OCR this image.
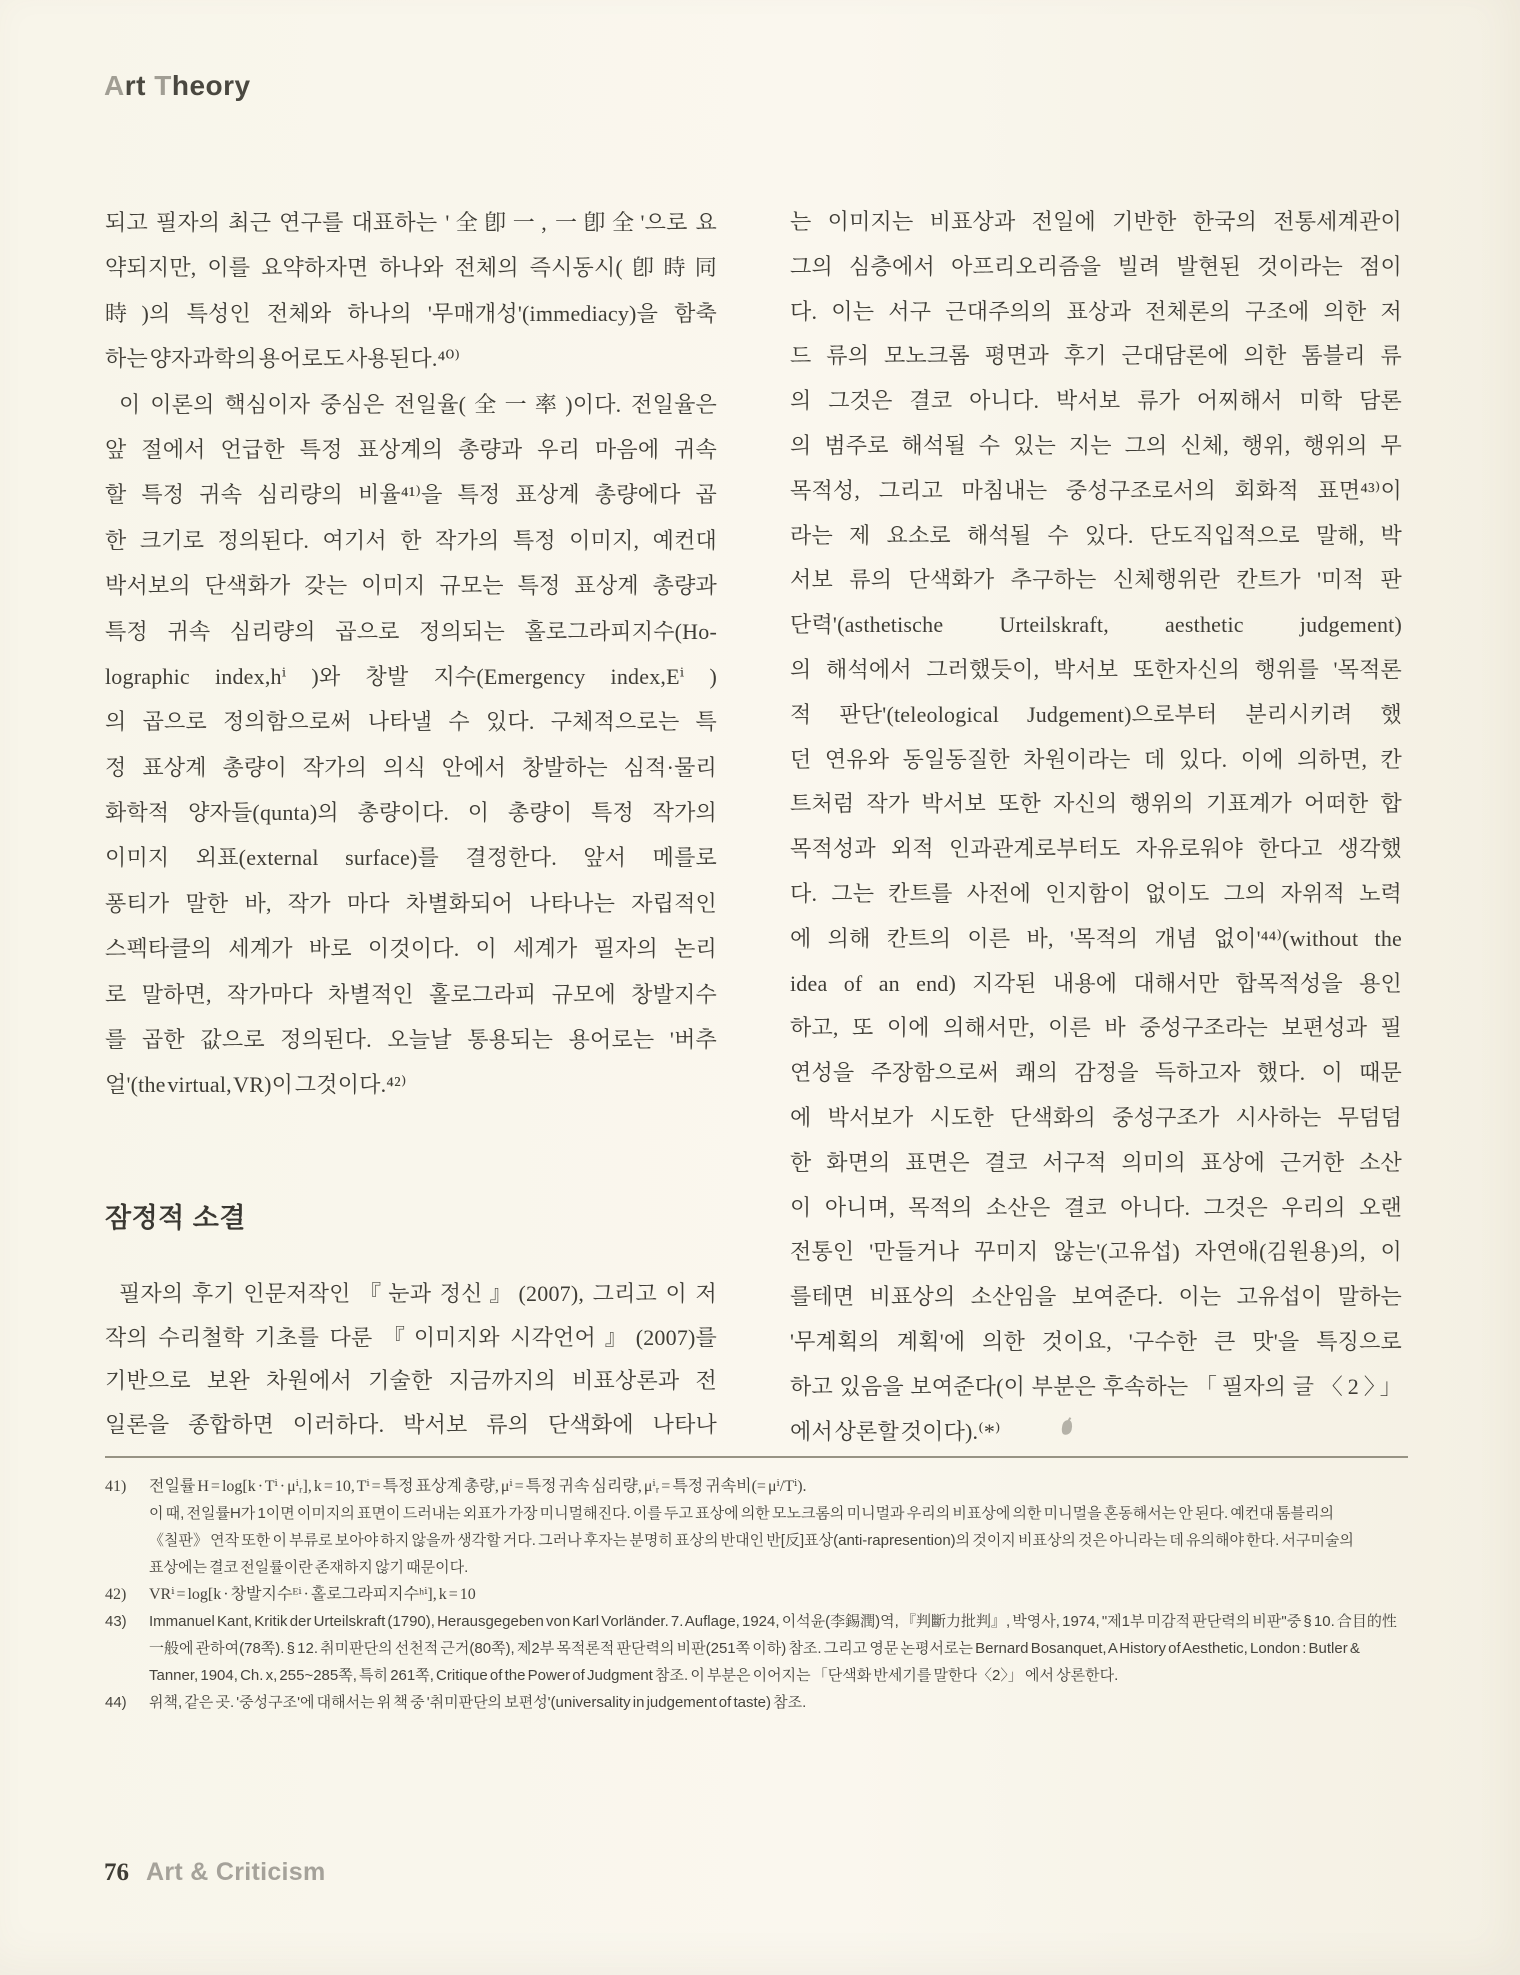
Art Theory
되고 필자의 최근 연구를 대표하는 '全卽一, 一卽全'으로 요
약되지만, 이를 요약하자면 하나와 전체의 즉시동시(卽時同
時)의 특성인 전체와 하나의 '무매개성'(immediacy)을 함축
하는 양자과학의 용어로도 사용된다.⁴⁰⁾
이 이론의 핵심이자 중심은 전일율(全一率)이다. 전일율은
앞 절에서 언급한 특정 표상계의 총량과 우리 마음에 귀속
할 특정 귀속 심리량의 비율⁴¹⁾을 특정 표상계 총량에다 곱
한 크기로 정의된다. 여기서 한 작가의 특정 이미지, 예컨대
박서보의 단색화가 갖는 이미지 규모는 특정 표상계 총량과
특정 귀속 심리량의 곱으로 정의되는 홀로그라피지수(Ho-
lographic index,hⁱ )와 창발 지수(Emergency index,Eⁱ )
의 곱으로 정의함으로써 나타낼 수 있다. 구체적으로는 특
정 표상계 총량이 작가의 의식 안에서 창발하는 심적·물리
화학적 양자들(qunta)의 총량이다. 이 총량이 특정 작가의
이미지 외표(external surface)를 결정한다. 앞서 메를로
퐁티가 말한 바, 작가 마다 차별화되어 나타나는 자립적인
스펙타클의 세계가 바로 이것이다. 이 세계가 필자의 논리
로 말하면, 작가마다 차별적인 홀로그라피 규모에 창발지수
를 곱한 값으로 정의된다. 오늘날 통용되는 용어로는 '버추
얼'(the virtual, VR)이 그것이다.⁴²⁾
잠정적 소결
필자의 후기 인문저작인 『눈과 정신』(2007), 그리고 이 저
작의 수리철학 기초를 다룬 『이미지와 시각언어』(2007)를
기반으로 보완 차원에서 기술한 지금까지의 비표상론과 전
일론을 종합하면 이러하다. 박서보 류의 단색화에 나타나
는 이미지는 비표상과 전일에 기반한 한국의 전통세계관이
그의 심층에서 아프리오리즘을 빌려 발현된 것이라는 점이
다. 이는 서구 근대주의의 표상과 전체론의 구조에 의한 저
드 류의 모노크롬 평면과 후기 근대담론에 의한 톰블리 류
의 그것은 결코 아니다. 박서보 류가 어찌해서 미학 담론
의 범주로 해석될 수 있는 지는 그의 신체, 행위, 행위의 무
목적성, 그리고 마침내는 중성구조로서의 회화적 표면⁴³⁾이
라는 제 요소로 해석될 수 있다. 단도직입적으로 말해, 박
서보 류의 단색화가 추구하는 신체행위란 칸트가 '미적 판
단력'(asthetische Urteilskraft, aesthetic judgement)
의 해석에서 그러했듯이, 박서보 또한자신의 행위를 '목적론
적 판단'(teleological Judgement)으로부터 분리시키려 했
던 연유와 동일동질한 차원이라는 데 있다. 이에 의하면, 칸
트처럼 작가 박서보 또한 자신의 행위의 기표계가 어떠한 합
목적성과 외적 인과관계로부터도 자유로워야 한다고 생각했
다. 그는 칸트를 사전에 인지함이 없이도 그의 자위적 노력
에 의해 칸트의 이른 바, '목적의 개념 없이'⁴⁴⁾(without the
idea of an end) 지각된 내용에 대해서만 합목적성을 용인
하고, 또 이에 의해서만, 이른 바 중성구조라는 보편성과 필
연성을 주장함으로써 쾌의 감정을 득하고자 했다. 이 때문
에 박서보가 시도한 단색화의 중성구조가 시사하는 무덤덤
한 화면의 표면은 결코 서구적 의미의 표상에 근거한 소산
이 아니며, 목적의 소산은 결코 아니다. 그것은 우리의 오랜
전통인 '만들거나 꾸미지 않는'(고유섭) 자연애(김원용)의, 이
를테면 비표상의 소산임을 보여준다. 이는 고유섭이 말하는
'무계획의 계획'에 의한 것이요, '구수한 큰 맛'을 특징으로
하고 있음을 보여준다(이 부분은 후속하는 「필자의 글 〈2〉」
에서 상론할 것이다).⁽*⁾
41)	전일률 H = log[k · Tⁱ · μⁱᵣ], k = 10, Tⁱ = 특정 표상계 총량, μⁱ = 특정 귀속 심리량, μⁱᵣ = 특정 귀속비(= μⁱ/Tⁱ).
이 때, 전일률H가 1이면 이미지의 표면이 드러내는 외표가 가장 미니멀해진다. 이를 두고 표상에 의한 모노크롬의 미니멀과 우리의 비표상에 의한 미니멀을 혼동해서는 안 된다. 예컨대 톰블리의
《칠판》 연작 또한 이 부류로 보아야 하지 않을까 생각할 거다. 그러나 후자는 분명히 표상의 반대인 반[反]표상(anti-rapresention)의 것이지 비표상의 것은 아니라는 데 유의해야 한다. 서구미술의
표상에는 결코 전일률이란 존재하지 않기 때문이다.
42)	VRⁱ = log[k · 창발지수ᴱⁱ · 홀로그라피지수ʰⁱ], k = 10
43)	Immanuel Kant, Kritik der Urteilskraft (1790), Herausgegeben von Karl Vorländer. 7. Auflage, 1924, 이석윤(李錫潤)역, 『判斷力批判』, 박영사, 1974, "제1부 미감적 판단력의 비판"중 § 10. 合目的性
一般에 관하여(78쪽). § 12. 취미판단의 선천적 근거(80쪽), 제2부 목적론적 판단력의 비판(251쪽 이하) 참조. 그리고 영문 논평서로는 Bernard Bosanquet, A History of Aesthetic, London : Butler &
Tanner, 1904, Ch. x, 255~285쪽, 특히 261쪽, Critique of the Power of Judgment 참조. 이 부분은 이어지는 「단색화 반세기를 말한다〈2〉」 에서 상론한다.
44)	위책, 같은 곳. '중성구조'에 대해서는 위 책 중 '취미판단의 보편성'(universality in judgement of taste) 참조.
76 Art & Criticism
